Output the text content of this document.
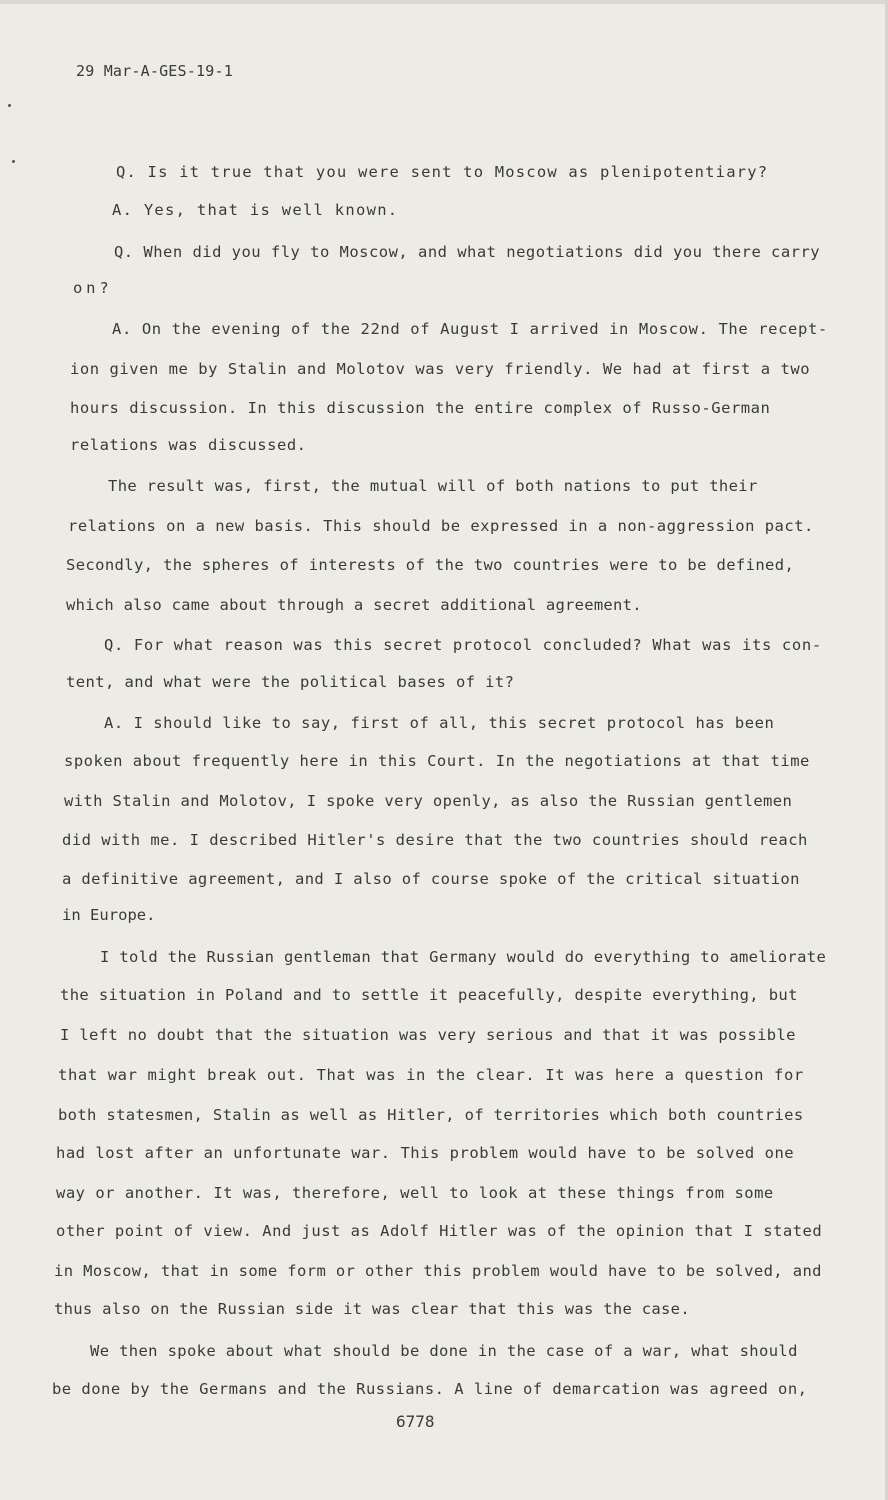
29 Mar-A-GES-19-1
Q. Is it true that you were sent to Moscow as plenipotentiary?
A. Yes, that is well known.
Q. When did you fly to Moscow, and what negotiations did you there carry
on?
A. On the evening of the 22nd of August I arrived in Moscow. The recept-
ion given me by Stalin and Molotov was very friendly. We had at first a two
hours discussion. In this discussion the entire complex of Russo-German
relations was discussed.
The result was, first, the mutual will of both nations to put their
relations on a new basis. This should be expressed in a non-aggression pact.
Secondly, the spheres of interests of the two countries were to be defined,
which also came about through a secret additional agreement.
Q. For what reason was this secret protocol concluded? What was its con-
tent, and what were the political bases of it?
A. I should like to say, first of all, this secret protocol has been
spoken about frequently here in this Court. In the negotiations at that time
with Stalin and Molotov, I spoke very openly, as also the Russian gentlemen
did with me. I described Hitler's desire that the two countries should reach
a definitive agreement, and I also of course spoke of the critical situation
in Europe.
I told the Russian gentleman that Germany would do everything to ameliorate
the situation in Poland and to settle it peacefully, despite everything, but
I left no doubt that the situation was very serious and that it was possible
that war might break out. That was in the clear. It was here a question for
both statesmen, Stalin as well as Hitler, of territories which both countries
had lost after an unfortunate war. This problem would have to be solved one
way or another. It was, therefore, well to look at these things from some
other point of view. And just as Adolf Hitler was of the opinion that I stated
in Moscow, that in some form or other this problem would have to be solved, and
thus also on the Russian side it was clear that this was the case.
We then spoke about what should be done in the case of a war, what should
be done by the Germans and the Russians. A line of demarcation was agreed on,
6778
